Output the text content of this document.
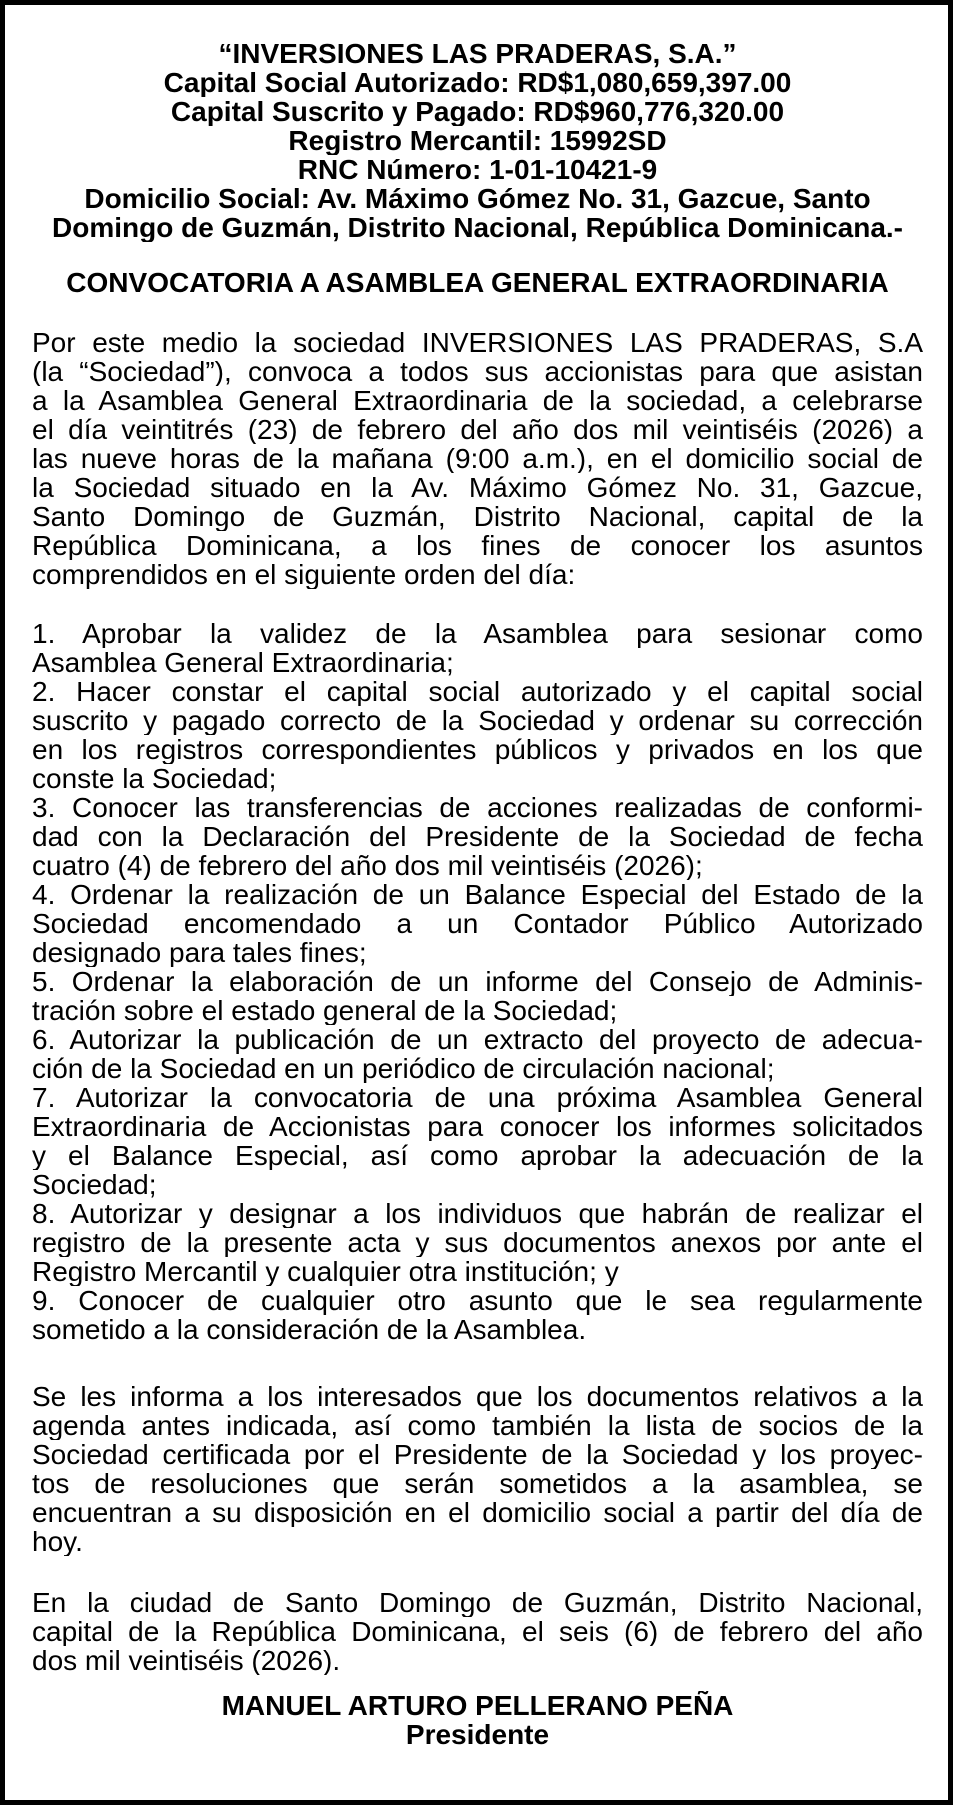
“INVERSIONES LAS PRADERAS, S.A.”
Capital Social Autorizado: RD$1,080,659,397.00
Capital Suscrito y Pagado: RD$960,776,320.00
Registro Mercantil: 15992SD
RNC Número: 1-01-10421-9
Domicilio Social: Av. Máximo Gómez No. 31, Gazcue, Santo
Domingo de Guzmán, Distrito Nacional, República Dominicana.-
CONVOCATORIA A ASAMBLEA GENERAL EXTRAORDINARIA
Por este medio la sociedad INVERSIONES LAS PRADERAS, S.A
(la “Sociedad”), convoca a todos sus accionistas para que asistan
a la Asamblea General Extraordinaria de la sociedad, a celebrarse
el día veintitrés (23) de febrero del año dos mil veintiséis (2026) a
las nueve horas de la mañana (9:00 a.m.), en el domicilio social de
la Sociedad situado en la Av. Máximo Gómez No. 31, Gazcue,
Santo Domingo de Guzmán, Distrito Nacional, capital de la
República Dominicana, a los fines de conocer los asuntos
comprendidos en el siguiente orden del día:
1. Aprobar la validez de la Asamblea para sesionar como
Asamblea General Extraordinaria;
2. Hacer constar el capital social autorizado y el capital social
suscrito y pagado correcto de la Sociedad y ordenar su corrección
en los registros correspondientes públicos y privados en los que
conste la Sociedad;
3. Conocer las transferencias de acciones realizadas de conformi-
dad con la Declaración del Presidente de la Sociedad de fecha
cuatro (4) de febrero del año dos mil veintiséis (2026);
4. Ordenar la realización de un Balance Especial del Estado de la
Sociedad encomendado a un Contador Público Autorizado
designado para tales fines;
5. Ordenar la elaboración de un informe del Consejo de Adminis-
tración sobre el estado general de la Sociedad;
6. Autorizar la publicación de un extracto del proyecto de adecua-
ción de la Sociedad en un periódico de circulación nacional;
7. Autorizar la convocatoria de una próxima Asamblea General
Extraordinaria de Accionistas para conocer los informes solicitados
y el Balance Especial, así como aprobar la adecuación de la
Sociedad;
8. Autorizar y designar a los individuos que habrán de realizar el
registro de la presente acta y sus documentos anexos por ante el
Registro Mercantil y cualquier otra institución; y
9. Conocer de cualquier otro asunto que le sea regularmente
sometido a la consideración de la Asamblea.
Se les informa a los interesados que los documentos relativos a la
agenda antes indicada, así como también la lista de socios de la
Sociedad certificada por el Presidente de la Sociedad y los proyec-
tos de resoluciones que serán sometidos a la asamblea, se
encuentran a su disposición en el domicilio social a partir del día de
hoy.
En la ciudad de Santo Domingo de Guzmán, Distrito Nacional,
capital de la República Dominicana, el seis (6) de febrero del año
dos mil veintiséis (2026).
MANUEL ARTURO PELLERANO PEÑA
Presidente
